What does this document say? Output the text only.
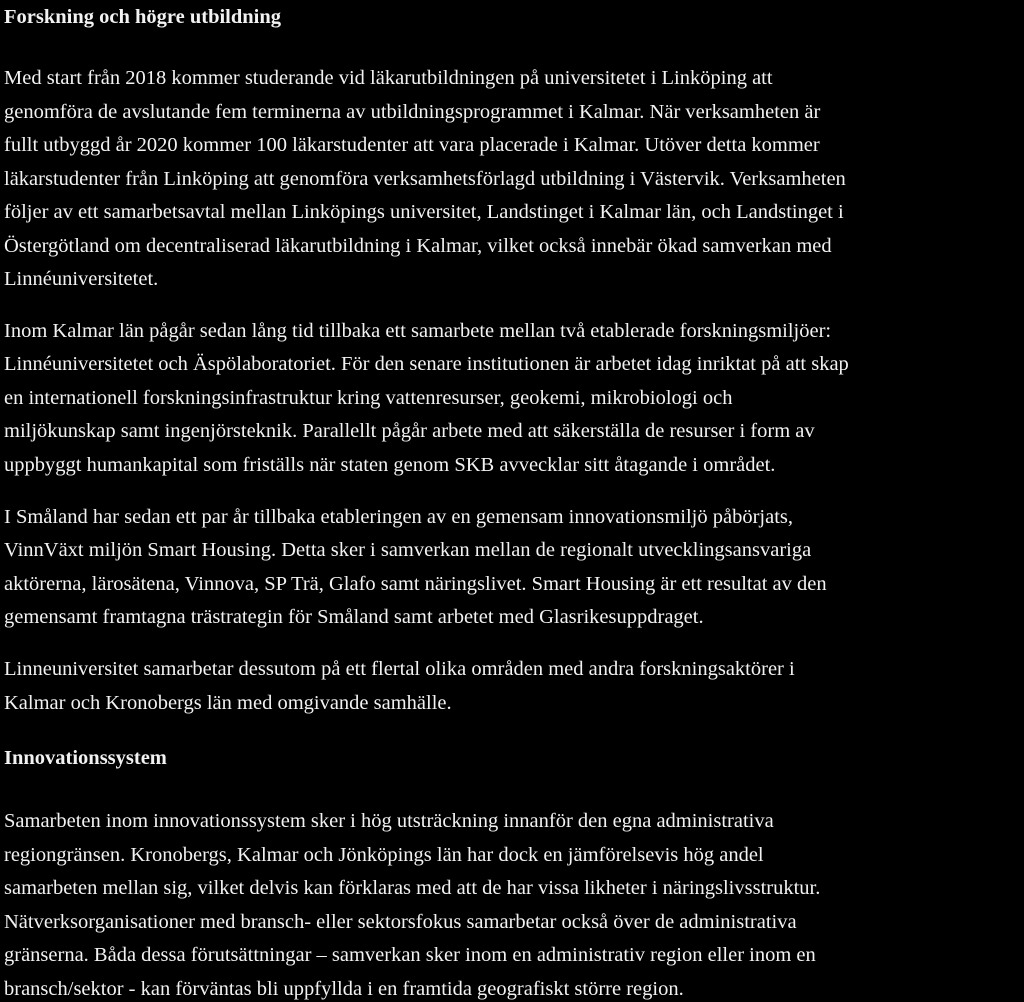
Forskning och högre utbildning
Med start från 2018 kommer studerande vid läkarutbildningen på universitetet i Linköping att
genomföra de avslutande fem terminerna av utbildningsprogrammet i Kalmar. När verksamheten är
fullt utbyggd år 2020 kommer 100 läkarstudenter att vara placerade i Kalmar. Utöver detta kommer
läkarstudenter från Linköping att genomföra verksamhetsförlagd utbildning i Västervik. Verksamheten
följer av ett samarbetsavtal mellan Linköpings universitet, Landstinget i Kalmar län, och Landstinget i
Östergötland om decentraliserad läkarutbildning i Kalmar, vilket också innebär ökad samverkan med
Linnéuniversitetet.
Inom Kalmar län pågår sedan lång tid tillbaka ett samarbete mellan två etablerade forskningsmiljöer:
Linnéuniversitetet och Äspölaboratoriet. För den senare institutionen är arbetet idag inriktat på att skap
en internationell forskningsinfrastruktur kring vattenresurser, geokemi, mikrobiologi och
miljökunskap samt ingenjörsteknik. Parallellt pågår arbete med att säkerställa de resurser i form av
uppbyggt humankapital som friställs när staten genom SKB avvecklar sitt åtagande i området.
I Småland har sedan ett par år tillbaka etableringen av en gemensam innovationsmiljö påbörjats,
VinnVäxt miljön Smart Housing. Detta sker i samverkan mellan de regionalt utvecklingsansvariga
aktörerna, lärosätena, Vinnova, SP Trä, Glafo samt näringslivet. Smart Housing är ett resultat av den
gemensamt framtagna trästrategin för Småland samt arbetet med Glasrikesuppdraget.
Linneuniversitet samarbetar dessutom på ett flertal olika områden med andra forskningsaktörer i
Kalmar och Kronobergs län med omgivande samhälle.
Innovationssystem
Samarbeten inom innovationssystem sker i hög utsträckning innanför den egna administrativa
regiongränsen. Kronobergs, Kalmar och Jönköpings län har dock en jämförelsevis hög andel
samarbeten mellan sig, vilket delvis kan förklaras med att de har vissa likheter i näringslivsstruktur.
Nätverksorganisationer med bransch- eller sektorsfokus samarbetar också över de administrativa
gränserna. Båda dessa förutsättningar – samverkan sker inom en administrativ region eller inom en
bransch/sektor - kan förväntas bli uppfyllda i en framtida geografiskt större region.
